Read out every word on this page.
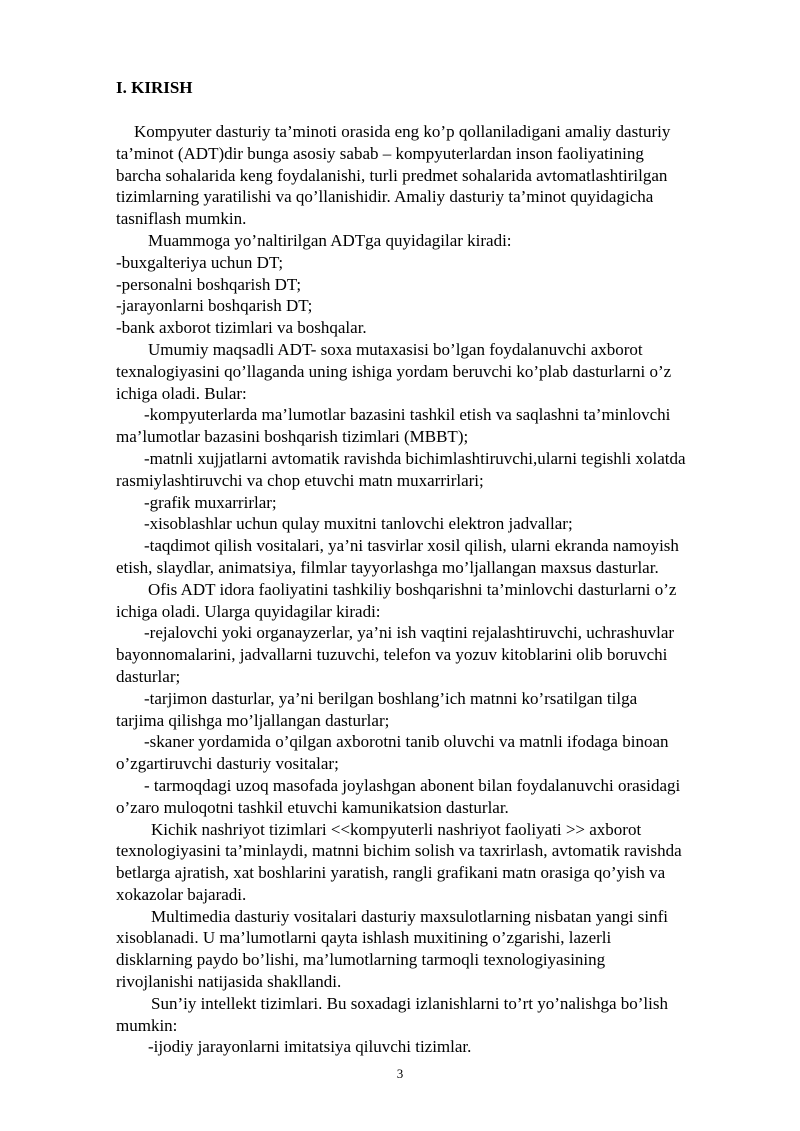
I. KIRISH
Kompyuter dasturiy ta’minoti orasida eng ko’p qollaniladigani amaliy dasturiy
ta’minot (ADT)dir bunga asosiy sabab – kompyuterlardan inson faoliyatining
barcha sohalarida keng foydalanishi, turli predmet sohalarida avtomatlashtirilgan
tizimlarning yaratilishi va qo’llanishidir. Amaliy dasturiy ta’minot quyidagicha
tasniflash mumkin.
Muammoga yo’naltirilgan ADTga quyidagilar kiradi:
-buxgalteriya uchun DT;
-personalni boshqarish DT;
-jarayonlarni boshqarish DT;
-bank axborot tizimlari va boshqalar.
Umumiy maqsadli ADT- soxa mutaxasisi bo’lgan foydalanuvchi axborot
texnalogiyasini qo’llaganda uning ishiga yordam beruvchi ko’plab dasturlarni o’z
ichiga oladi. Bular:
-kompyuterlarda ma’lumotlar bazasini tashkil etish va saqlashni ta’minlovchi
ma’lumotlar bazasini boshqarish tizimlari (MBBT);
-matnli xujjatlarni avtomatik ravishda bichimlashtiruvchi,ularni tegishli xolatda
rasmiylashtiruvchi va chop etuvchi matn muxarrirlari;
-grafik muxarrirlar;
-xisoblashlar uchun qulay muxitni tanlovchi elektron jadvallar;
-taqdimot qilish vositalari, ya’ni tasvirlar xosil qilish, ularni ekranda namoyish
etish, slaydlar, animatsiya, filmlar tayyorlashga mo’ljallangan maxsus dasturlar.
Ofis ADT idora faoliyatini tashkiliy boshqarishni ta’minlovchi dasturlarni o’z
ichiga oladi. Ularga quyidagilar kiradi:
-rejalovchi yoki organayzerlar, ya’ni ish vaqtini rejalashtiruvchi, uchrashuvlar
bayonnomalarini, jadvallarni tuzuvchi, telefon va yozuv kitoblarini olib boruvchi
dasturlar;
-tarjimon dasturlar, ya’ni berilgan boshlang’ich matnni ko’rsatilgan tilga
tarjima qilishga mo’ljallangan dasturlar;
-skaner yordamida o’qilgan axborotni tanib oluvchi va matnli ifodaga binoan
o’zgartiruvchi dasturiy vositalar;
- tarmoqdagi uzoq masofada joylashgan abonent bilan foydalanuvchi orasidagi
o’zaro muloqotni tashkil etuvchi kamunikatsion dasturlar.
Kichik nashriyot tizimlari <<kompyuterli nashriyot faoliyati >> axborot
texnologiyasini ta’minlaydi, matnni bichim solish va taxrirlash, avtomatik ravishda
betlarga ajratish, xat boshlarini yaratish, rangli grafikani matn orasiga qo’yish va
xokazolar bajaradi.
Multimedia dasturiy vositalari dasturiy maxsulotlarning nisbatan yangi sinfi
xisoblanadi. U ma’lumotlarni qayta ishlash muxitining o’zgarishi, lazerli
disklarning paydo bo’lishi, ma’lumotlarning tarmoqli texnologiyasining
rivojlanishi natijasida shakllandi.
Sun’iy intellekt tizimlari. Bu soxadagi izlanishlarni to’rt yo’nalishga bo’lish
mumkin:
-ijodiy jarayonlarni imitatsiya qiluvchi tizimlar.
3
